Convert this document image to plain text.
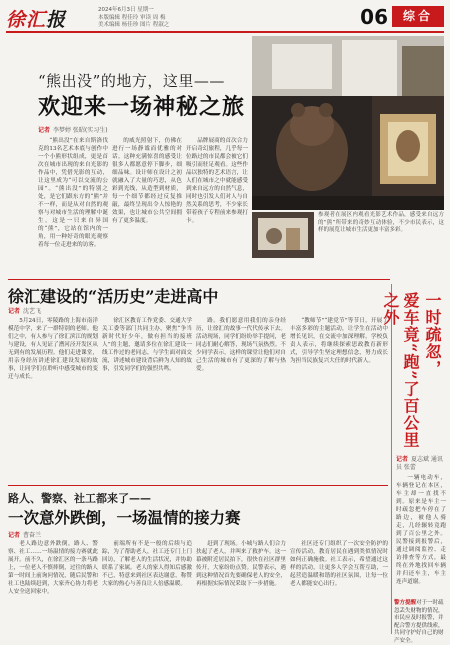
徐汇报	2024年6月3日 星期一
本版编辑 程佳玲 审读 周 梅
美术编辑 杨佳珍 图片 程淑之	06	综合
“熊出没”的地方，这里——
欢迎来一场神秘之旅
记者 李梦婷 张昭(实习生)

“熊出没”在来自斯洛伐克的13名艺术本底与创作中一个小熊形状组成，更是首次在城市出现的来自光影的作品中，凭借光影的互动，让这里成为“可以交流的公园”。“熊出没”的特别之处，是它们跟东方的“熊”并不一样，而是从对自然的观察与对城市生活的理解中诞生。这是一只来自异国的“熊”，它站在馆内的一角，用一种好奇的眼光观察着每一位走进来的访客。

的威光照射下，仿佛在进行一场静谧而优雅的对话。这种充满惊喜的感受让很多人都愿意停下脚步，细细品味。设计师在设计之初就融入了大量的巧思，从色彩到光线，从造型到材质，每一个细节都经过反复推敲，最终呈现出令人惊艳的效果，也让城市公共空间拥有了更多温度。

品牌展商的首次合力开启奇幻旅程，几乎每一位路过的市民都会被它们吸引而驻足观看。这些作品以独特的艺术语言，让人们在城市之中就能感受到来自远方的自然气息，同时也引发人们对人与自然关系的思考，不少家长带着孩子专程前来参观打卡。

参观者在展区内观看光影艺术作品，感受来自远方的“熊”所带来的奇妙互动体验，不少市民表示，这样的展览让城市生活更加丰富多彩。
徐汇建设的“活历史”走进高中
记者 沈艺飞

5月24日，零陵路的上海市南洋模范中学，来了一群特别的老师。他们之中，有人参与了徐汇滨江的规划与建设，有人见证了漕河泾开发区从无到有的发展历程。他们走进课堂，用亲身经历讲述徐汇建设发展的故事，让同学们在聆听中感受城市的变迁与成长。

徐汇区教育工作党委、交通大学关工委等部门共同主办，聚焦“争当新时代好少年，做有担当的接班人”的主题，邀请多位在徐汇建设一线工作过的老同志，与学生面对面交流，讲述城市建设背后鲜为人知的故事，引发同学们的强烈共鸣。

路。我们愿意用我们的亲身经历，让徐汇的故事一代代传承下去。活动现场，同学们纷纷举手提问，老同志们耐心解答，现场气氛热烈。不少同学表示，这样的课堂让他们对自己生活的城市有了更深的了解与热爱。

“教师节”“建党节”等节日，开展了丰富多彩的主题活动，让学生在活动中增长见识，在交流中加深理解。学校负责人表示，将继续探索思政教育新形式，引导学生坚定理想信念，努力成长为担当民族复兴大任的时代新人。	一时疏忽，
爱车竟“跑”了百公里之外
记者 夏志斌 通讯员 张蕾

一辆电动车，车辆登记在本区，车主却一直找不到。原来是车主一时疏忽把车停在了路边，被他人骑走，几经辗转竟跑到了百公里之外。民警接到报警后，通过调阅监控、走访排查等方式，最终在外地找回车辆并归还车主，车主连声道谢。

路人、警察、社工都来了——
一次意外跌倒，一场温情的接力赛
记者 曹奋兰

老人路边意外跌倒，路人、警察、社工……一场温情的接力赛就此展开。前不久，在徐汇区的一条马路上，一位老人不慎摔倒，过往的路人第一时间上前询问情况，随后民警和社工也陆续赶到，大家齐心协力将老人安全送回家中。

前端所有不是一般的后续与追踪，为了帮助老人，社工还专门上门回访，了解老人的生活状况，并协助联系了家属。老人的家人得知后感激不已，特意来到社区表达谢意，称赞大家的热心与善良让人倍感温暖。

赶到了现场。小城与路人们合力扶起了老人，并叫来了救护车。这一幕被附近居民拍下，很快在社区群里传开，大家纷纷点赞。民警表示，遇到这种情况首先要确保老人的安全，再根据实际情况采取下一步措施。

社区还专门组织了一次安全防护的宣传活动，教育居民在遇到类似情况时如何正确施救。社工表示，希望通过这样的活动，让更多人学会互帮互助，一起营造温暖和谐的社区氛围，让每一位老人都能安心出行。

警方提醒对于一时疏忽丢失财物的情况，市民应及时报警，并配合警方提供线索，共同守护好自己的财产安全。
